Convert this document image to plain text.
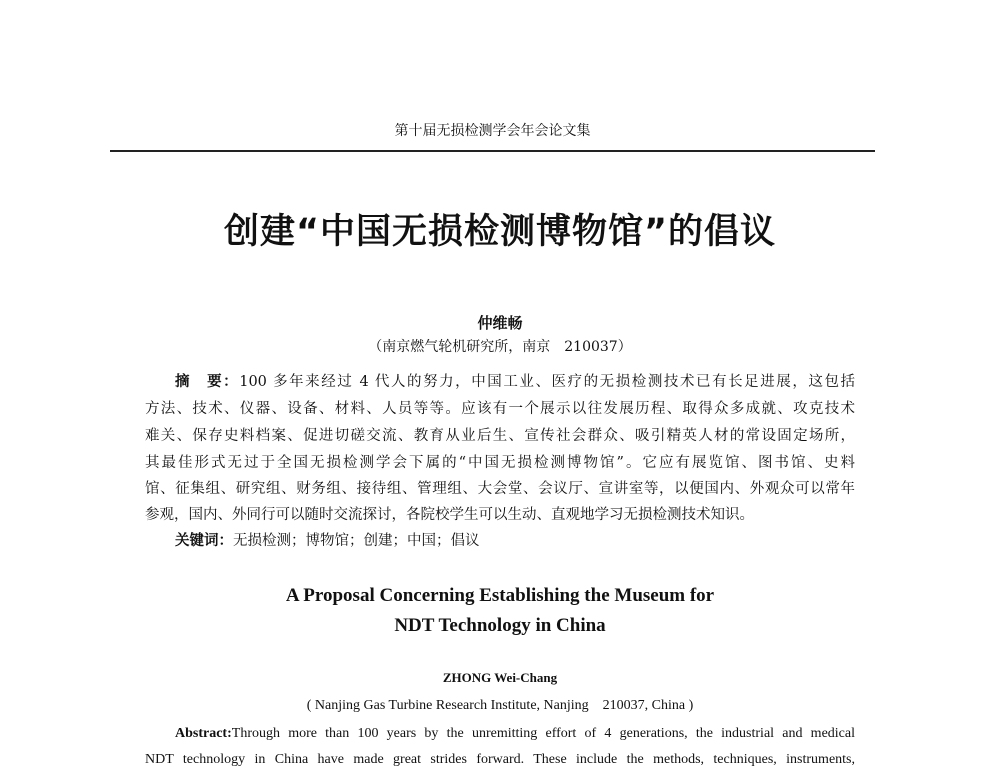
第十届无损检测学会年会论文集
创建“中国无损检测博物馆”的倡议
仲维畅
（南京燃气轮机研究所，南京　210037）
摘　要：100 多年来经过 4 代人的努力，中国工业、医疗的无损检测技术已有长足进展，这包括
方法、技术、仪器、设备、材料、人员等等。应该有一个展示以往发展历程、取得众多成就、攻克技术
难关、保存史料档案、促进切磋交流、教育从业后生、宣传社会群众、吸引精英人材的常设固定场所，
其最佳形式无过于全国无损检测学会下属的“中国无损检测博物馆”。它应有展览馆、图书馆、史料
馆、征集组、研究组、财务组、接待组、管理组、大会堂、会议厅、宣讲室等，以便国内、外观众可以常年
参观，国内、外同行可以随时交流探讨，各院校学生可以生动、直观地学习无损检测技术知识。
关键词：无损检测；博物馆；创建；中国；倡议
A Proposal Concerning Establishing the Museum for
NDT Technology in China
ZHONG Wei-Chang
( Nanjing Gas Turbine Research Institute, Nanjing　210037, China )
Abstract:Through more than 100 years by the unremitting effort of 4 generations, the industrial and medical
NDT technology in China have made great strides forward. These include the methods, techniques, instruments,
